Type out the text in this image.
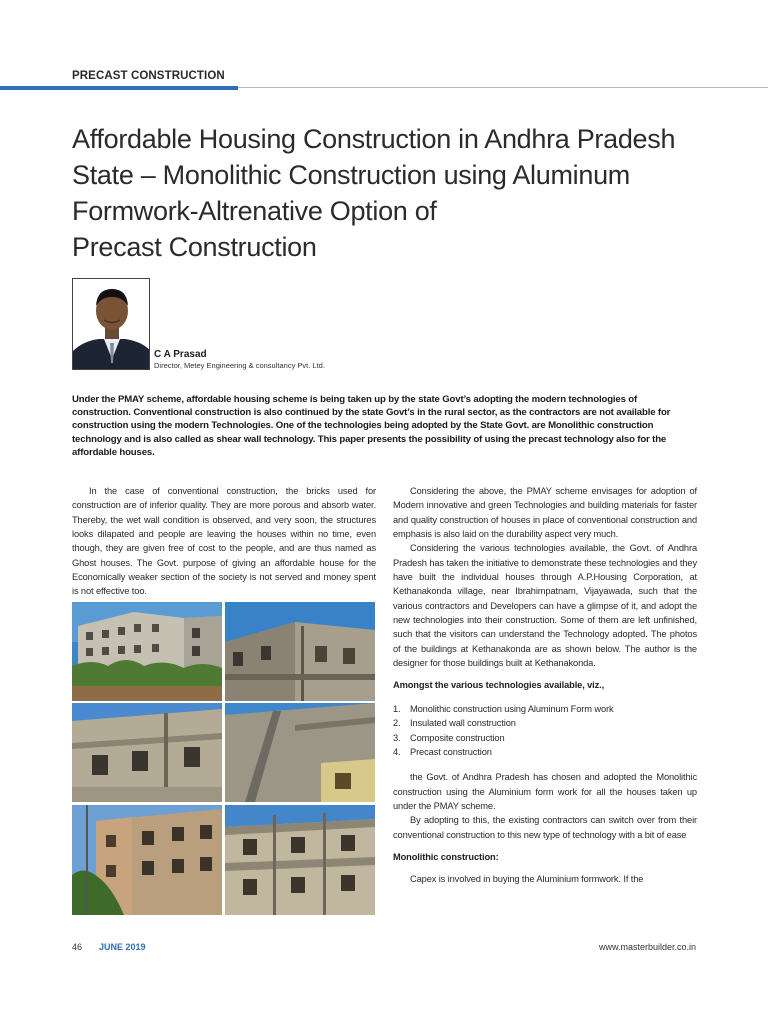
PRECAST CONSTRUCTION
Affordable Housing Construction in Andhra Pradesh
State – Monolithic Construction using Aluminum
Formwork-Altrenative Option of
Precast Construction
C A Prasad
Director, Metey Engineering & consultancy Pvt. Ltd.

Under the PMAY scheme, affordable housing scheme is being taken up by the state Govt’s adopting the modern technologies of construction. Conventional construction is also continued by the state Govt’s in the rural sector, as the contractors are not available for construction using the modern Technologies. One of the technologies being adopted by the State Govt. are Monolithic construction technology and is also called as shear wall technology. This paper presents the possibility of using the precast technology also for the affordable houses.

In the case of conventional construction, the bricks used for construction are of inferior quality. They are more porous and absorb water. Thereby, the wet wall condition is observed, and very soon, the structures looks dilapated and people are leaving the houses within no time, even though, they are given free of cost to the people, and are thus named as Ghost houses. The Govt. purpose of giving an affordable house for the Economically weaker section of the society is not served and money spent is not effective too.

Considering the above, the PMAY scheme envisages for adoption of Modern innovative and green Technologies and building materials for faster and quality construction of houses in place of conventional construction and emphasis is also laid on the durability aspect very much.

Considering the various technologies available, the Govt. of Andhra Pradesh has taken the initiative to demonstrate these technologies and they have built the individual houses through A.P.Housing Corporation, at Kethanakonda village, near Ibrahimpatnam, Vijayawada, such that the various contractors and Developers can have a glimpse of it, and adopt the new technologies into their construction. Some of them are left unfinished, such that the visitors can understand the Technology adopted. The photos of the buildings at Kethanakonda are as shown below. The author is the designer for those buildings built at Kethanakonda.

Amongst the various technologies available, viz.,

1. Monolithic construction using Aluminum Form work
2. Insulated wall construction
3. Composite construction
4. Precast construction

the Govt. of Andhra Pradesh has chosen and adopted the Monolithic construction using the Aluminium form work for all the houses taken up under the PMAY scheme.

By adopting to this, the existing contractors can switch over from their conventional construction to this new type of technology with a bit of ease

Monolithic construction:

Capex is involved in buying the Aluminium formwork. If the

46 JUNE 2019	www.masterbuilder.co.in
